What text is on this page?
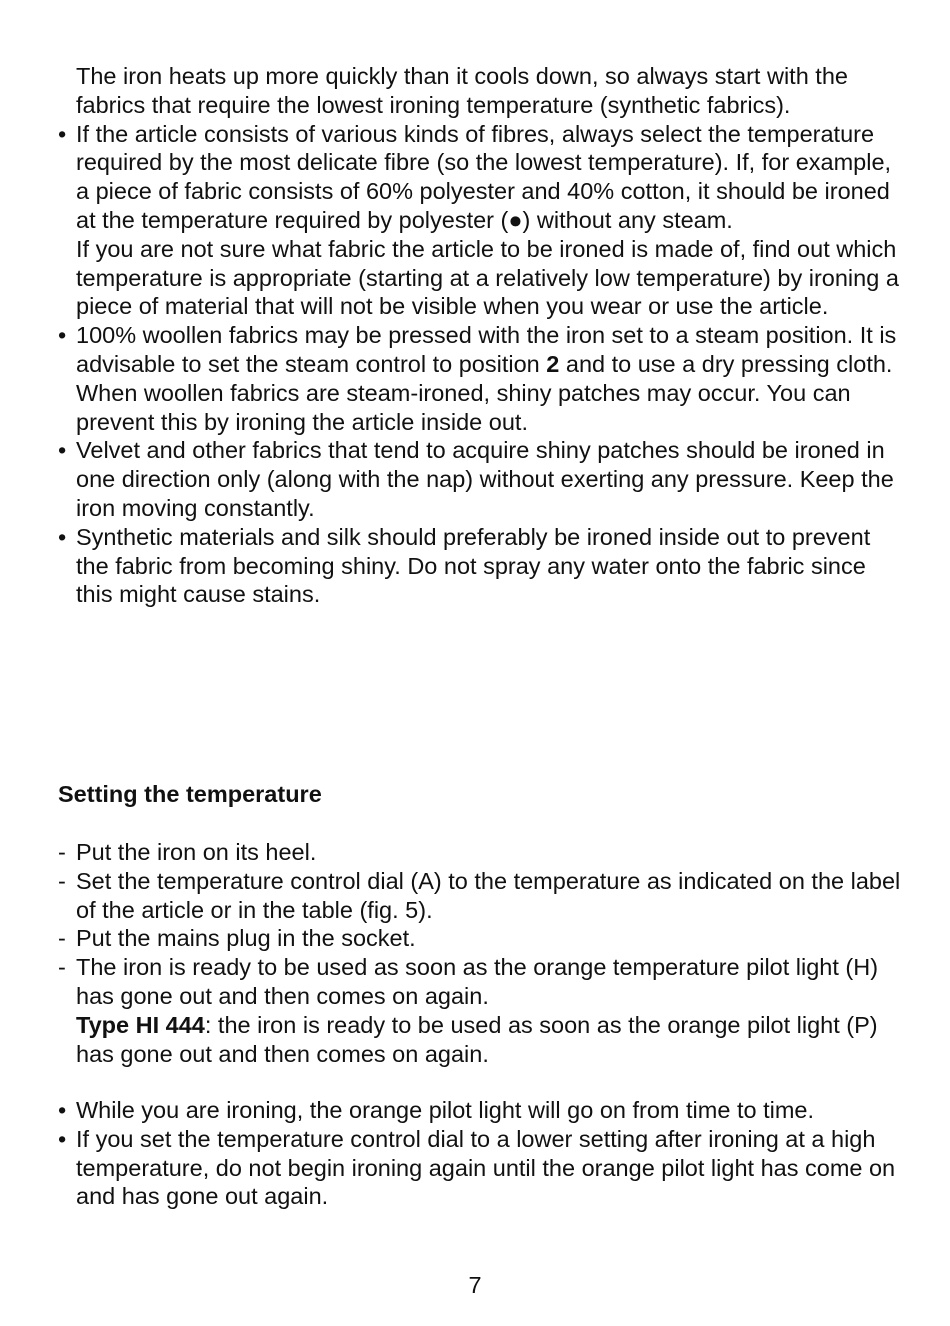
The iron heats up more quickly than it cools down, so always start with the fabrics that require the lowest ironing temperature (synthetic fabrics).

• If the article consists of various kinds of fibres, always select the temperature required by the most delicate fibre (so the lowest temperature). If, for example, a piece of fabric consists of 60% polyester and 40% cotton, it should be ironed at the temperature required by polyester (●) without any steam.

If you are not sure what fabric the article to be ironed is made of, find out which temperature is appropriate (starting at a relatively low temperature) by ironing a piece of material that will not be visible when you wear or use the article.

• 100% woollen fabrics may be pressed with the iron set to a steam position. It is advisable to set the steam control to position 2 and to use a dry pressing cloth.

When woollen fabrics are steam-ironed, shiny patches may occur. You can prevent this by ironing the article inside out.

• Velvet and other fabrics that tend to acquire shiny patches should be ironed in one direction only (along with the nap) without exerting any pressure. Keep the iron moving constantly.

• Synthetic materials and silk should preferably be ironed inside out to prevent the fabric from becoming shiny. Do not spray any water onto the fabric since this might cause stains.

Setting the temperature

- Put the iron on its heel.

- Set the temperature control dial (A) to the temperature as indicated on the label of the article or in the table (fig. 5).

- Put the mains plug in the socket.

- The iron is ready to be used as soon as the orange temperature pilot light (H) has gone out and then comes on again.

Type HI 444: the iron is ready to be used as soon as the orange pilot light (P) has gone out and then comes on again.

• While you are ironing, the orange pilot light will go on from time to time.

• If you set the temperature control dial to a lower setting after ironing at a high temperature, do not begin ironing again until the orange pilot light has come on and has gone out again.

7
